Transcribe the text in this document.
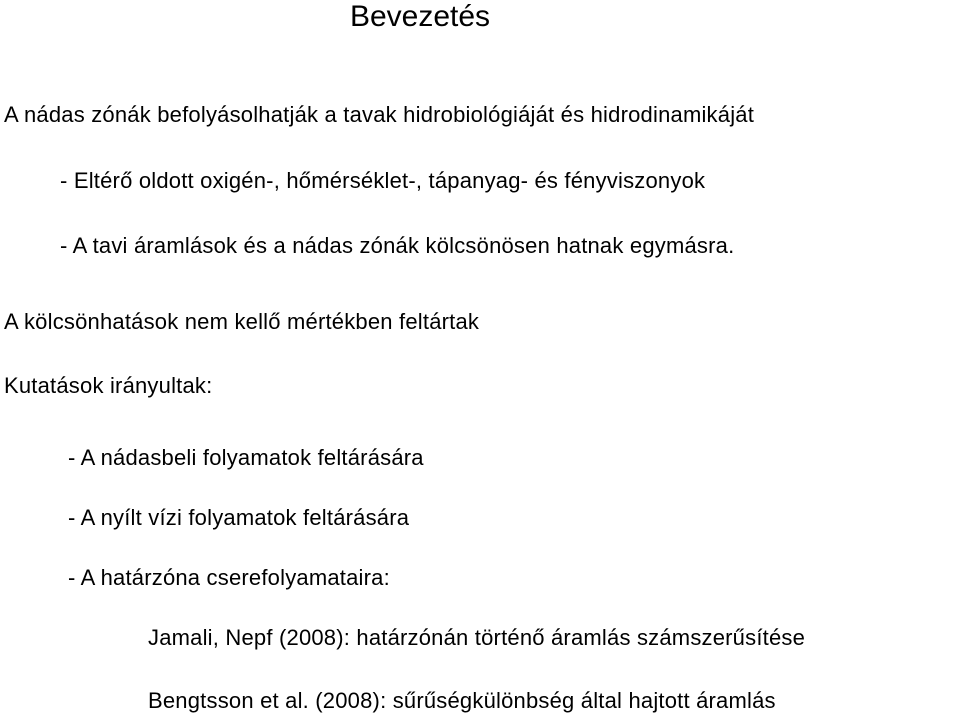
Bevezetés
A nádas zónák befolyásolhatják a tavak hidrobiológiáját és hidrodinamikáját
- Eltérő oldott oxigén-, hőmérséklet-, tápanyag- és fényviszonyok
- A tavi áramlások és a nádas zónák kölcsönösen hatnak egymásra.
A kölcsönhatások nem kellő mértékben feltártak
Kutatások irányultak:
- A nádasbeli folyamatok feltárására
- A nyílt vízi folyamatok feltárására
- A határzóna cserefolyamataira:
Jamali, Nepf (2008): határzónán történő áramlás számszerűsítése
Bengtsson et al. (2008): sűrűségkülönbség által hajtott áramlás
